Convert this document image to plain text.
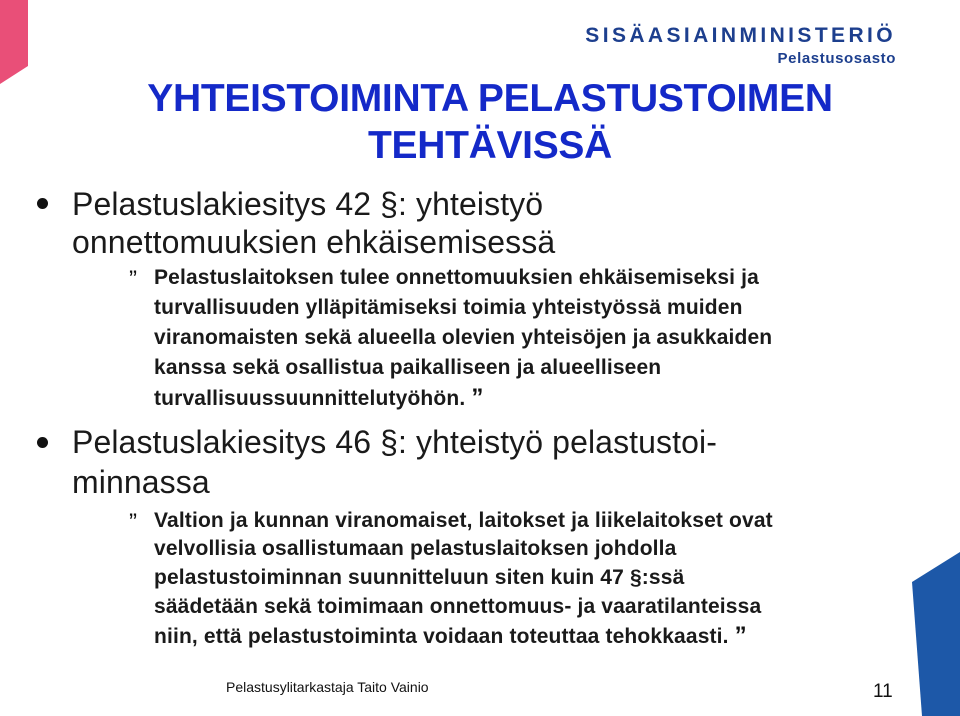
SISÄASIAINMINISTERIÖ
Pelastusosasto
YHTEISTOIMINTA PELASTUSTOIMEN
TEHTÄVISSÄ
Pelastuslakiesitys 42 §: yhteistyö
onnettomuuksien ehkäisemisessä
” Pelastuslaitoksen tulee onnettomuuksien ehkäisemiseksi ja
turvallisuuden ylläpitämiseksi toimia yhteistyössä muiden
viranomaisten sekä alueella olevien yhteisöjen ja asukkaiden
kanssa sekä osallistua paikalliseen ja alueelliseen
turvallisuussuunnittelutyöhön. ”
Pelastuslakiesitys 46 §: yhteistyö pelastustoi-
minnassa
” Valtion ja kunnan viranomaiset, laitokset ja liikelaitokset ovat
velvollisia osallistumaan pelastuslaitoksen johdolla
pelastustoiminnan suunnitteluun siten kuin 47 §:ssä
säädetään sekä toimimaan onnettomuus- ja vaaratilanteissa
niin, että pelastustoiminta voidaan toteuttaa tehokkaasti. ”
Pelastusylitarkastaja Taito Vainio	11
